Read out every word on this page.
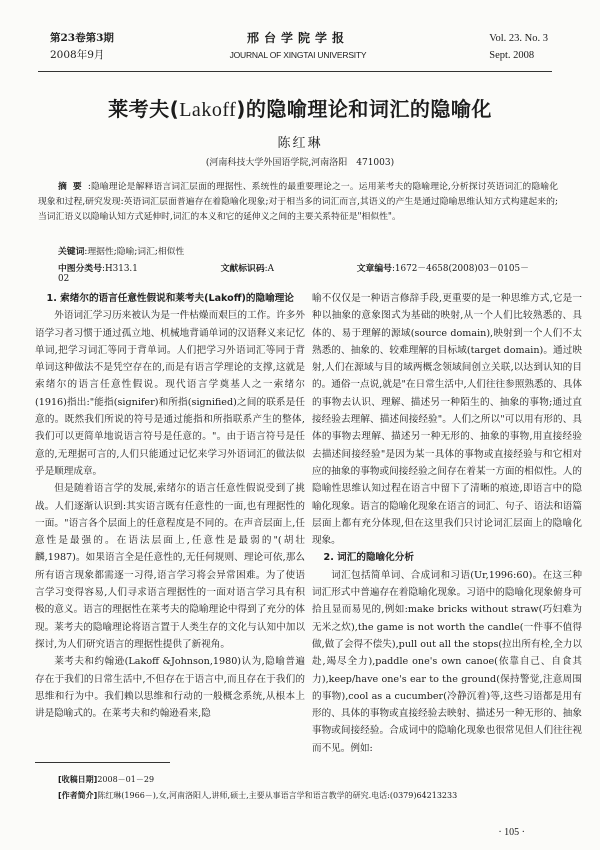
第23卷第3期
2008年9月
邢台学院学报
JOURNAL OF XINGTAI UNIVERSITY
Vol. 23. No. 3
Sept. 2008
莱考夫(Lakoff)的隐喻理论和词汇的隐喻化
陈红琳
(河南科技大学外国语学院,河南洛阳　471003)
摘要:隐喻理论是解释语言词汇层面的理据性、系统性的最重要理论之一。运用莱考夫的隐喻理论,分析探讨英语词汇的隐喻化现象和过程,研究发现:英语词汇层面普遍存在着隐喻化现象;对于相当多的词汇而言,其语义的产生是通过隐喻思维认知方式构建起来的;当词汇语义以隐喻认知方式延伸时,词汇的本义和它的延伸义之间的主要关系特征是"相似性"。
关键词:理据性;隐喻;词汇;相似性
中图分类号:H313.1	文献标识码:A	文章编号:1672－4658(2008)03－0105－02
1. 索绪尔的语言任意性假说和莱考夫(Lakoff)的隐喻理论

外语词汇学习历来被认为是一件枯燥而艰巨的工作。许多外语学习者习惯于通过孤立地、机械地背诵单词的汉语释义来记忆单词,把学习词汇等同于背单词。人们把学习外语词汇等同于背单词这种做法不是凭空存在的,而是有语言学理论的支撑,这就是索绪尔的语言任意性假说。现代语言学奠基人之一索绪尔(1916)指出:"能指(signifer)和所指(signified)之间的联系是任意的。既然我们所说的符号是通过能指和所指联系产生的整体,我们可以更简单地说语言符号是任意的。"。由于语言符号是任意的,无理据可言的,人们只能通过记忆来学习外语词汇的做法似乎是顺理成章。

但是随着语言学的发展,索绪尔的语言任意性假说受到了挑战。人们逐渐认识到:其实语言既有任意性的一面,也有理据性的一面。"语言各个层面上的任意程度是不同的。在声音层面上,任意性是最强的。在语法层面上,任意性是最弱的"(胡壮麟,1987)。如果语言全是任意性的,无任何规则、理论可依,那么所有语言现象都需逐一习得,语言学习将会异常困难。为了使语言学习变得容易,人们寻求语言理据性的一面对语言学习具有积极的意义。语言的理据性在莱考夫的隐喻理论中得到了充分的体现。莱考夫的隐喻理论将语言置于人类生存的文化与认知中加以探讨,为人们研究语言的理据性提供了新视角。

莱考夫和约翰逊(Lakoff &Johnson,1980)认为,隐喻普遍存在于我们的日常生活中,不但存在于语言中,而且存在于我们的思维和行为中。我们赖以思维和行动的一般概念系统,从根本上讲是隐喻式的。在莱考夫和约翰逊看来,隐

喻不仅仅是一种语言修辞手段,更重要的是一种思维方式,它是一种以抽象的意象图式为基础的映射,从一个人们比较熟悉的、具体的、易于理解的源域(source domain),映射到一个人们不太熟悉的、抽象的、较难理解的目标域(target domain)。通过映射,人们在源域与目的域两概念领域间创立关联,以达到认知的目的。通俗一点说,就是"在日常生活中,人们往往参照熟悉的、具体的事物去认识、理解、描述另一种陌生的、抽象的事物;通过直接经验去理解、描述间接经验"。人们之所以"可以用有形的、具体的事物去理解、描述另一种无形的、抽象的事物,用直接经验去描述间接经验"是因为某一具体的事物或直接经验与和它相对应的抽象的事物或间接经验之间存在着某一方面的相似性。人的隐喻性思维认知过程在语言中留下了清晰的痕迹,即语言中的隐喻化现象。语言的隐喻化现象在语言的词汇、句子、语法和语篇层面上都有充分体现,但在这里我们只讨论词汇层面上的隐喻化现象。

2. 词汇的隐喻化分析

词汇包括简单词、合成词和习语(Ur,1996:60)。在这三种词汇形式中普遍存在着隐喻化现象。习语中的隐喻化现象俯身可拾且显而易见的,例如:make bricks without straw(巧妇难为无米之炊),the game is not worth the candle(一件事不值得做,做了会得不偿失),pull out all the stops(拉出所有栓,全力以赴,竭尽全力),paddle one's own canoe(依靠自己、自食其力),keep/have one's ear to the ground(保持警觉,注意周围的事物),cool as a cucumber(冷静沉着)等,这些习语都是用有形的、具体的事物或直接经验去映射、描述另一种无形的、抽象事物或间接经验。合成词中的隐喻化现象也很常见但人们往往视而不见。例如:

[收稿日期]2008－01－29
[作者简介]陈红琳(1966－),女,河南洛阳人,讲师,硕士,主要从事语言学和语言教学的研究.电话:(0379)64213233
· 105 ·
